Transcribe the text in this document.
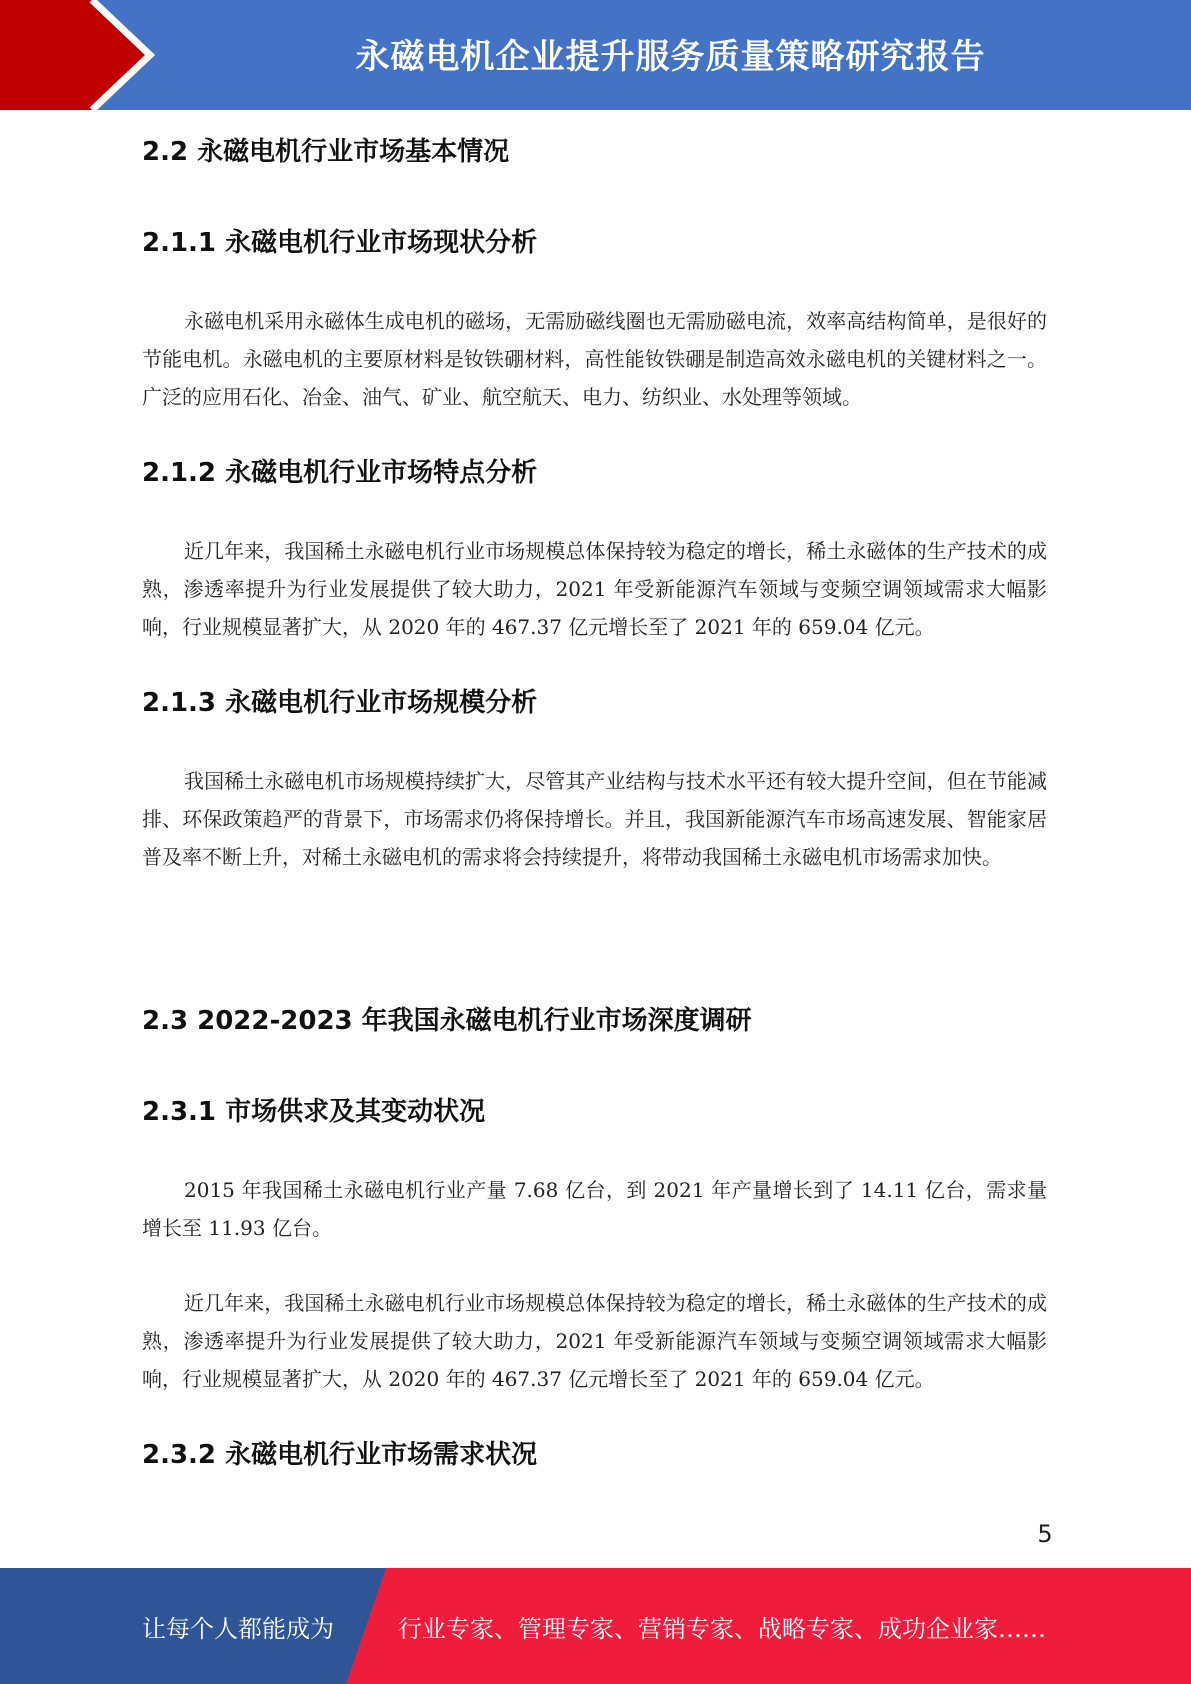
永磁电机企业提升服务质量策略研究报告
2.2 永磁电机行业市场基本情况
2.1.1 永磁电机行业市场现状分析

永磁电机采用永磁体生成电机的磁场，无需励磁线圈也无需励磁电流，效率高结构简单，是很好的节能电机。永磁电机的主要原材料是钕铁硼材料，高性能钕铁硼是制造高效永磁电机的关键材料之一。广泛的应用石化、冶金、油气、矿业、航空航天、电力、纺织业、水处理等领域。

2.1.2 永磁电机行业市场特点分析

近几年来，我国稀土永磁电机行业市场规模总体保持较为稳定的增长，稀土永磁体的生产技术的成熟，渗透率提升为行业发展提供了较大助力，2021 年受新能源汽车领域与变频空调领域需求大幅影响，行业规模显著扩大，从 2020 年的 467.37 亿元增长至了 2021 年的 659.04 亿元。

2.1.3 永磁电机行业市场规模分析

我国稀土永磁电机市场规模持续扩大，尽管其产业结构与技术水平还有较大提升空间，但在节能减排、环保政策趋严的背景下，市场需求仍将保持增长。并且，我国新能源汽车市场高速发展、智能家居普及率不断上升，对稀土永磁电机的需求将会持续提升，将带动我国稀土永磁电机市场需求加快。

2.3 2022-2023 年我国永磁电机行业市场深度调研
2.3.1 市场供求及其变动状况

2015 年我国稀土永磁电机行业产量 7.68 亿台，到 2021 年产量增长到了 14.11 亿台，需求量增长至 11.93 亿台。

近几年来，我国稀土永磁电机行业市场规模总体保持较为稳定的增长，稀土永磁体的生产技术的成熟，渗透率提升为行业发展提供了较大助力，2021 年受新能源汽车领域与变频空调领域需求大幅影响，行业规模显著扩大，从 2020 年的 467.37 亿元增长至了 2021 年的 659.04 亿元。

2.3.2 永磁电机行业市场需求状况
5
让每个人都能成为	行业专家、管理专家、营销专家、战略专家、成功企业家……
